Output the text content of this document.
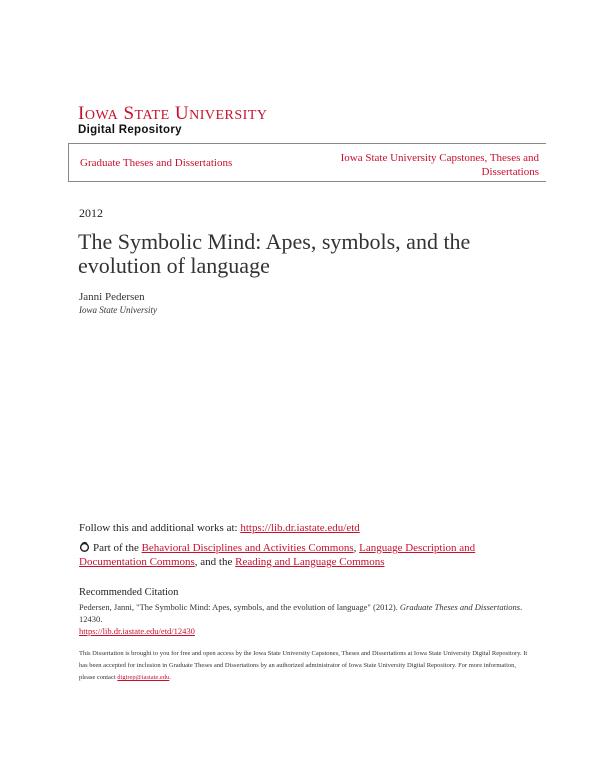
IOWA STATE UNIVERSITY
Digital Repository
Graduate Theses and Dissertations	Iowa State University Capstones, Theses and Dissertations
2012
The Symbolic Mind: Apes, symbols, and the evolution of language
Janni Pedersen
Iowa State University
Follow this and additional works at: https://lib.dr.iastate.edu/etd
Part of the Behavioral Disciplines and Activities Commons, Language Description and Documentation Commons, and the Reading and Language Commons
Recommended Citation
Pedersen, Janni, "The Symbolic Mind: Apes, symbols, and the evolution of language" (2012). Graduate Theses and Dissertations. 12430.
https://lib.dr.iastate.edu/etd/12430
This Dissertation is brought to you for free and open access by the Iowa State University Capstones, Theses and Dissertations at Iowa State University Digital Repository. It has been accepted for inclusion in Graduate Theses and Dissertations by an authorized administrator of Iowa State University Digital Repository. For more information, please contact digirep@iastate.edu.
